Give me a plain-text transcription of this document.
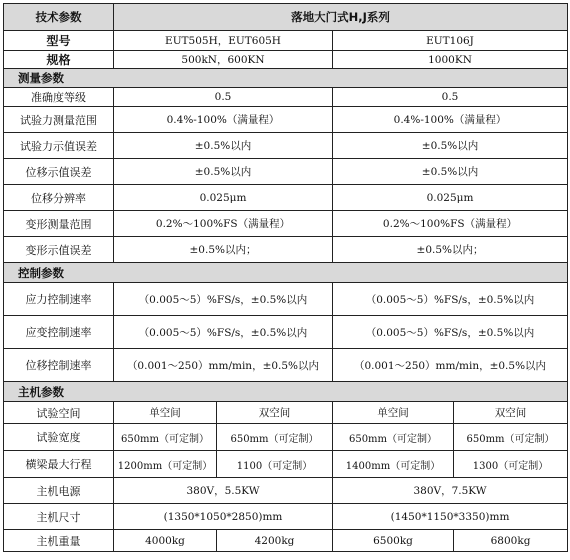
技术参数	落地大门式H,J系列			
型号	EUT505H，EUT605H		EUT106J	
规格	500kN，600KN		1000KN	
测量参数				
准确度等级	0.5		0.5	
试验力测量范围	0.4%-100%（满量程）		0.4%-100%（满量程）	
试验力示值误差	±0.5%以内		±0.5%以内	
位移示值误差	±0.5%以内		±0.5%以内	
位移分辨率	0.025μm		0.025μm	
变形测量范围	0.2%～100%FS（满量程）		0.2%～100%FS（满量程）	
变形示值误差	±0.5%以内；		±0.5%以内；	
控制参数				
应力控制速率	（0.005～5）%FS/s，±0.5%以内		（0.005～5）%FS/s，±0.5%以内	
应变控制速率	（0.005～5）%FS/s，±0.5%以内		（0.005～5）%FS/s，±0.5%以内	
位移控制速率	（0.001～250）mm/min，±0.5%以内		（0.001～250）mm/min，±0.5%以内	
主机参数				
试验空间	单空间	双空间	单空间	双空间
试验宽度	650mm（可定制）	650mm（可定制）	650mm（可定制）	650mm（可定制）
横梁最大行程	1200mm（可定制）	1100（可定制）	1400mm（可定制）	1300（可定制）
主机电源	380V，5.5KW		380V，7.5KW	
主机尺寸	(1350*1050*2850)mm		(1450*1150*3350)mm	
主机重量	4000kg	4200kg	6500kg	6800kg
